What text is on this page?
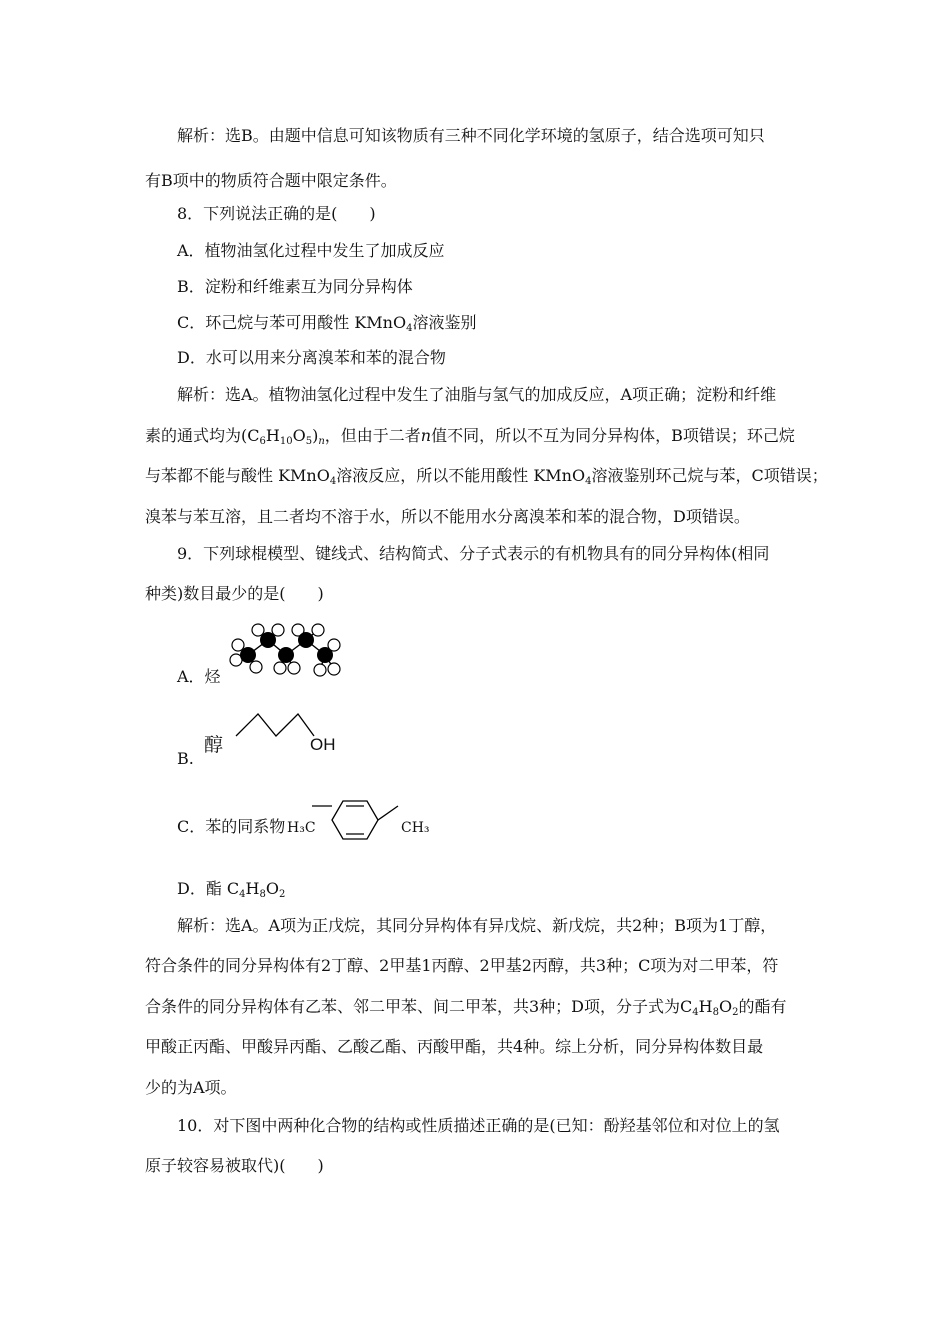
解析：选B。由题中信息可知该物质有三种不同化学环境的氢原子，结合选项可知只
有B项中的物质符合题中限定条件。
8．下列说法正确的是(　　)
A．植物油氢化过程中发生了加成反应
B．淀粉和纤维素互为同分异构体
C．环己烷与苯可用酸性 KMnO$_4$溶液鉴别
D．水可以用来分离溴苯和苯的混合物
解析：选A。植物油氢化过程中发生了油脂与氢气的加成反应，A项正确；淀粉和纤维
素的通式均为$(C_6H_{10}O_5)_n$，但由于二者n值不同，所以不互为同分异构体，B项错误；环己烷
与苯都不能与酸性 KMnO$_4$溶液反应，所以不能用酸性 KMnO$_4$溶液鉴别环己烷与苯，C项错误；
溴苯与苯互溶，且二者均不溶于水，所以不能用水分离溴苯和苯的混合物，D项错误。
9．下列球棍模型、键线式、结构简式、分子式表示的有机物具有的同分异构体(相同
种类)数目最少的是(　　)
A．烃
B.
醇	OH
C．苯的同系物 H₃C	CH₃
D．酯 $C_4H_8O_2$
解析：选A。A项为正戊烷，其同分异构体有异戊烷、新戊烷，共2种；B项为1丁醇，
符合条件的同分异构体有2丁醇、2甲基1丙醇、2甲基2丙醇，共3种；C项为对二甲苯，符
合条件的同分异构体有乙苯、邻二甲苯、间二甲苯，共3种；D项，分子式为$C_4H_8O_2$的酯有
甲酸正丙酯、甲酸异丙酯、乙酸乙酯、丙酸甲酯，共4种。综上分析，同分异构体数目最
少的为A项。
10．对下图中两种化合物的结构或性质描述正确的是(已知：酚羟基邻位和对位上的氢
原子较容易被取代)(　　)
